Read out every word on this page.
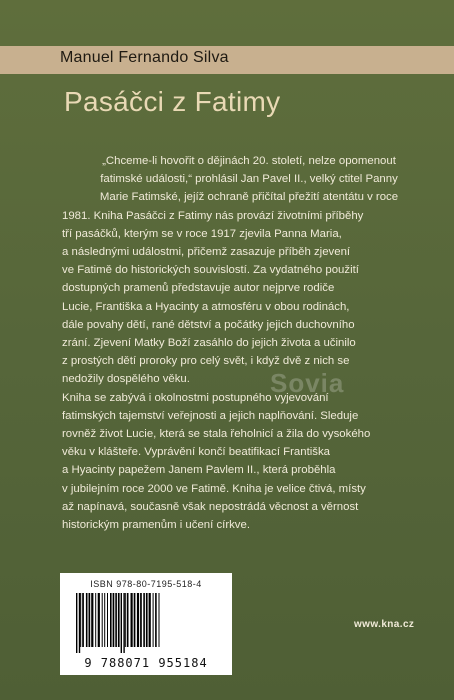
Manuel Fernando Silva
Pasáčci z Fatimy

„Chceme-li hovořit o dějinách 20. století, nelze opomenout

fatimské události,“ prohlásil Jan Pavel II., velký ctitel Panny

Marie Fatimské, jejíž ochraně přičítal přežití atentátu v roce

1981. Kniha Pasáčci z Fatimy nás provází životními příběhy

tří pasáčků, kterým se v roce 1917 zjevila Panna Maria,

a následnými událostmi, přičemž zasazuje příběh zjevení

ve Fatimě do historických souvislostí. Za vydatného použití

dostupných pramenů představuje autor nejprve rodiče

Lucie, Františka a Hyacinty a atmosféru v obou rodinách,

dále povahy dětí, rané dětství a počátky jejich duchovního

zrání. Zjevení Matky Boží zasáhlo do jejich života a učinilo

z prostých dětí proroky pro celý svět, i když dvě z nich se

nedožily dospělého věku.

Kniha se zabývá i okolnostmi postupného vyjevování

fatimských tajemství veřejnosti a jejich naplňování. Sleduje

rovněž život Lucie, která se stala řeholnicí a žila do vysokého

věku v klášteře. Vyprávění končí beatifikací Františka

a Hyacinty papežem Janem Pavlem II., která proběhla

v jubilejním roce 2000 ve Fatimě. Kniha je velice čtivá, místy

až napínavá, současně však nepostrádá věcnost a věrnost

historickým pramenům i učení církve.

Sovia
ISBN 978-80-7195-518-4
9 788071 955184
www.kna.cz
